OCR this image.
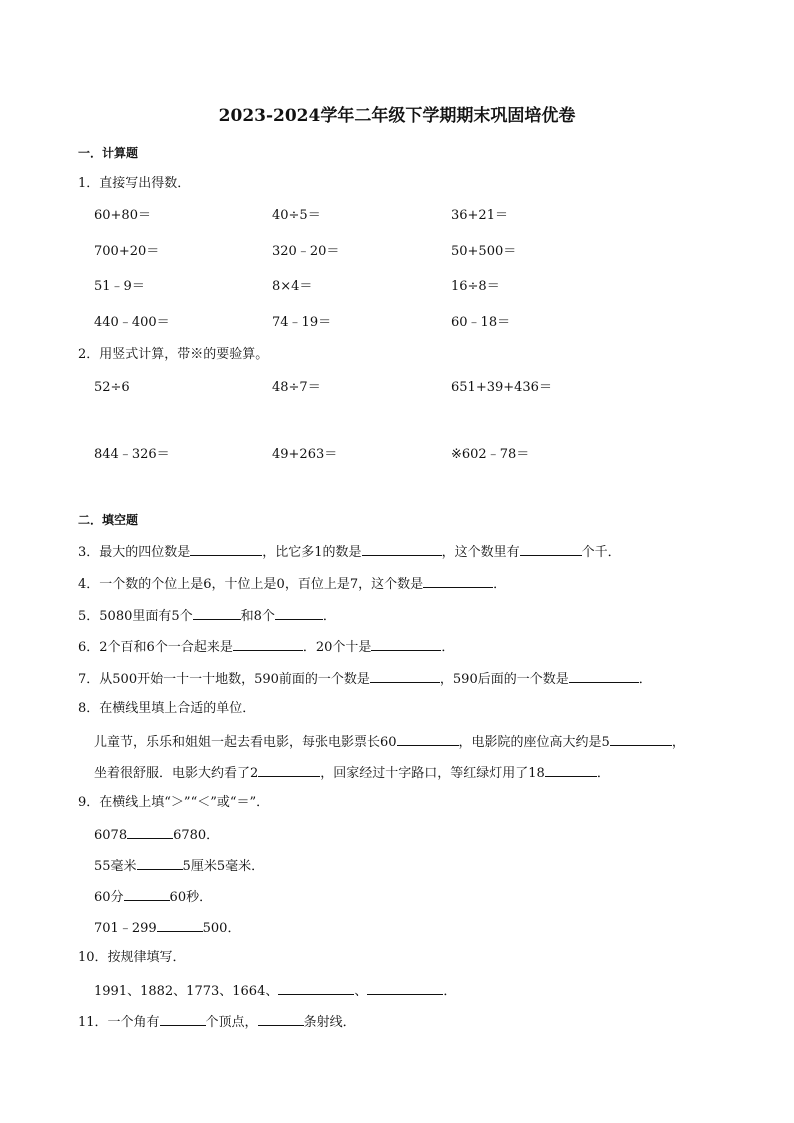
2023-2024学年二年级下学期期末巩固培优卷
一．计算题
1．直接写出得数．
60+80＝	40÷5＝	36+21＝
700+20＝	320﹣20＝	50+500＝
51﹣9＝	8×4＝	16÷8＝
440﹣400＝	74﹣19＝	60﹣18＝
2．用竖式计算，带※的要验算。
52÷6	48÷7＝	651+39+436＝
844﹣326＝	49+263＝	※602﹣78＝
二．填空题
3．最大的四位数是	，比它多1的数是	，这个数里有	个千．
4．一个数的个位上是6，十位上是0，百位上是7，这个数是	．
5．5080里面有5个	和8个	．
6．2个百和6个一合起来是	．20个十是	．
7．从500开始一十一十地数，590前面的一个数是	，590后面的一个数是	．
8．在横线里填上合适的单位．
儿童节，乐乐和姐姐一起去看电影，每张电影票长60	，电影院的座位高大约是5	，
坐着很舒服．电影大约看了2	，回家经过十字路口，等红绿灯用了18	．
9．在横线上填“＞”“＜”或“＝”．
6078	6780．
55毫米	5厘米5毫米．
60分	60秒．
701﹣299	500．
10．按规律填写．
1991、1882、1773、1664、	、	．
11．一个角有	个顶点，	条射线．
